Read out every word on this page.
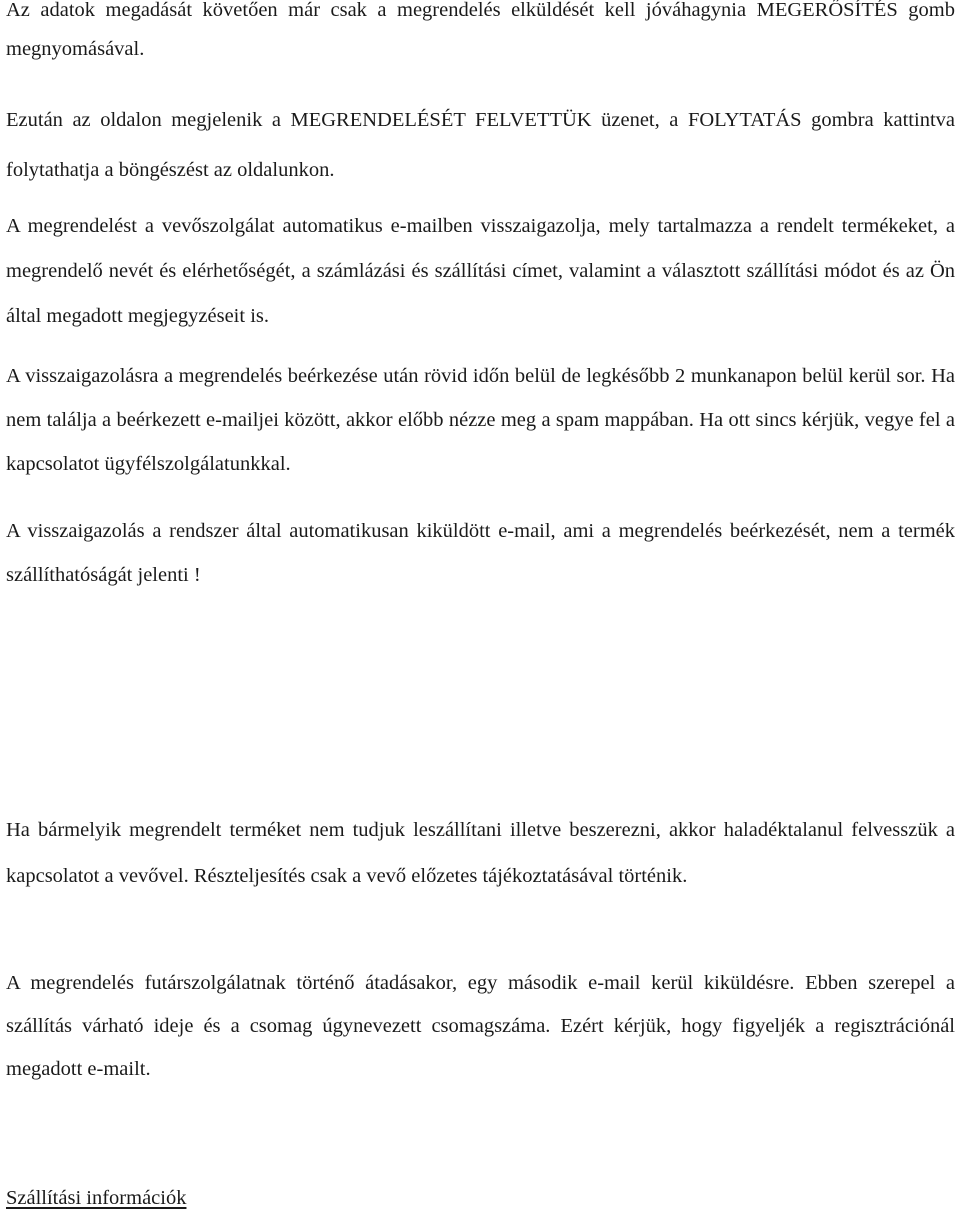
Az adatok megadását követően már csak a megrendelés elküldését kell jóváhagynia MEGERŐSÍTÉS gomb megnyomásával.

Ezután az oldalon megjelenik a MEGRENDELÉSÉT FELVETTÜK üzenet, a FOLYTATÁS gombra kattintva folytathatja a böngészést az oldalunkon.

A megrendelést a vevőszolgálat automatikus e-mailben visszaigazolja, mely tartalmazza a rendelt termékeket, a megrendelő nevét és elérhetőségét, a számlázási és szállítási címet, valamint a választott szállítási módot és az Ön által megadott megjegyzéseit is.

A visszaigazolásra a megrendelés beérkezése után rövid időn belül de legkésőbb 2 munkanapon belül kerül sor. Ha nem találja a beérkezett e-mailjei között, akkor előbb nézze meg a spam mappában. Ha ott sincs kérjük, vegye fel a kapcsolatot ügyfélszolgálatunkkal.

A visszaigazolás a rendszer által automatikusan kiküldött e-mail, ami a megrendelés beérkezését, nem a termék szállíthatóságát jelenti !

Ha bármelyik megrendelt terméket nem tudjuk leszállítani illetve beszerezni, akkor haladéktalanul felvesszük a kapcsolatot a vevővel. Részteljesítés csak a vevő előzetes tájékoztatásával történik.

A megrendelés futárszolgálatnak történő átadásakor, egy második e-mail kerül kiküldésre. Ebben szerepel a szállítás várható ideje és a csomag úgynevezett csomagszáma. Ezért kérjük, hogy figyeljék a regisztrációnál megadott e-mailt.

Szállítási információk
